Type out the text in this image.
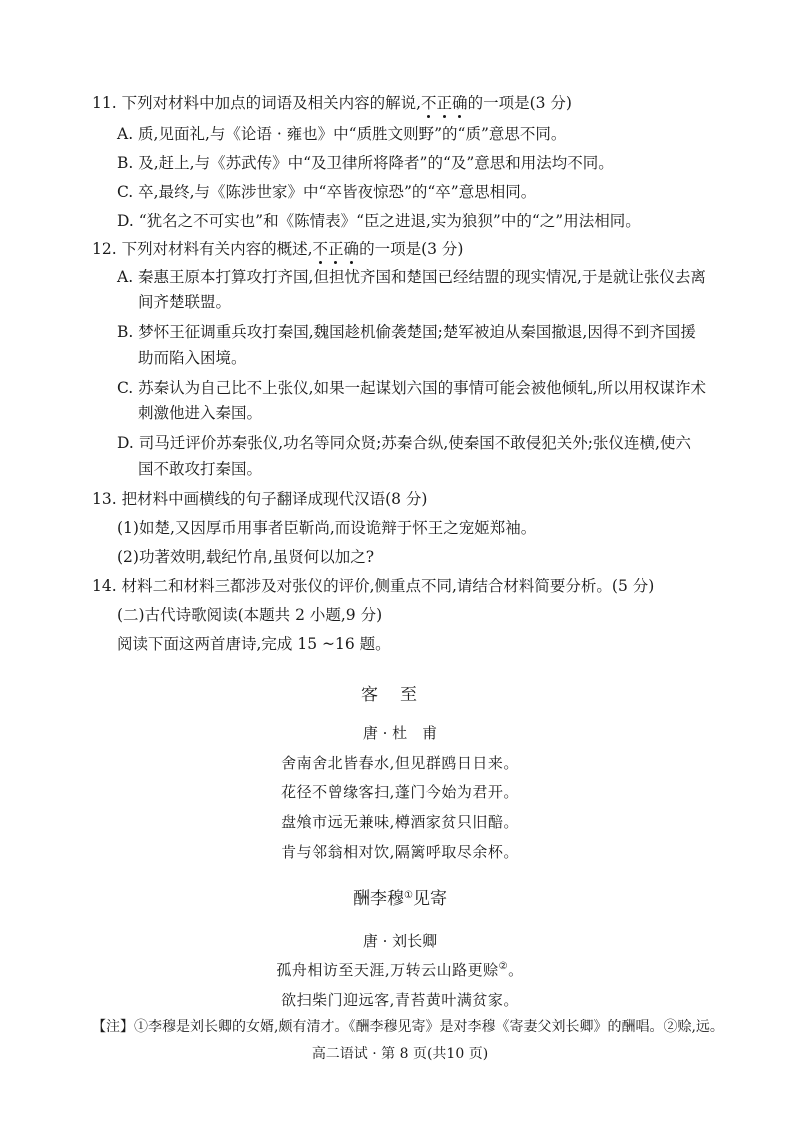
11. 下列对材料中加点的词语及相关内容的解说,不正确的一项是(3 分)
A. 质,见面礼,与《论语 · 雍也》中“质胜文则野”的“质”意思不同。
B. 及,赶上,与《苏武传》中“及卫律所将降者”的“及”意思和用法均不同。
C. 卒,最终,与《陈涉世家》中“卒皆夜惊恐”的“卒”意思相同。
D. “犹名之不可实也”和《陈情表》“臣之进退,实为狼狈”中的“之”用法相同。
12. 下列对材料有关内容的概述,不正确的一项是(3 分)
A. 秦惠王原本打算攻打齐国,但担忧齐国和楚国已经结盟的现实情况,于是就让张仪去离
间齐楚联盟。
B. 梦怀王征调重兵攻打秦国,魏国趁机偷袭楚国;楚军被迫从秦国撤退,因得不到齐国援
助而陷入困境。
C. 苏秦认为自己比不上张仪,如果一起谋划六国的事情可能会被他倾轧,所以用权谋诈术
刺激他进入秦国。
D. 司马迁评价苏秦张仪,功名等同众贤;苏秦合纵,使秦国不敢侵犯关外;张仪连横,使六
国不敢攻打秦国。
13. 把材料中画横线的句子翻译成现代汉语(8 分)
(1)如楚,又因厚币用事者臣靳尚,而设诡辩于怀王之宠姬郑袖。
(2)功著效明,载纪竹帛,虽贤何以加之?
14. 材料二和材料三都涉及对张仪的评价,侧重点不同,请结合材料简要分析。(5 分)
(二)古代诗歌阅读(本题共 2 小题,9 分)
阅读下面这两首唐诗,完成 15 ~16 题。
客至
唐 · 杜　甫
舍南舍北皆春水,但见群鸥日日来。
花径不曾缘客扫,蓬门今始为君开。
盘飧市远无兼味,樽酒家贫只旧醅。
肯与邻翁相对饮,隔篱呼取尽余杯。
酬李穆①见寄
唐 · 刘长卿
孤舟相访至天涯,万转云山路更赊②。
欲扫柴门迎远客,青苔黄叶满贫家。
【注】①李穆是刘长卿的女婿,颇有清才。《酬李穆见寄》是对李穆《寄妻父刘长卿》的酬唱。②赊,远。
高二语试 · 第 8 页(共10 页)
